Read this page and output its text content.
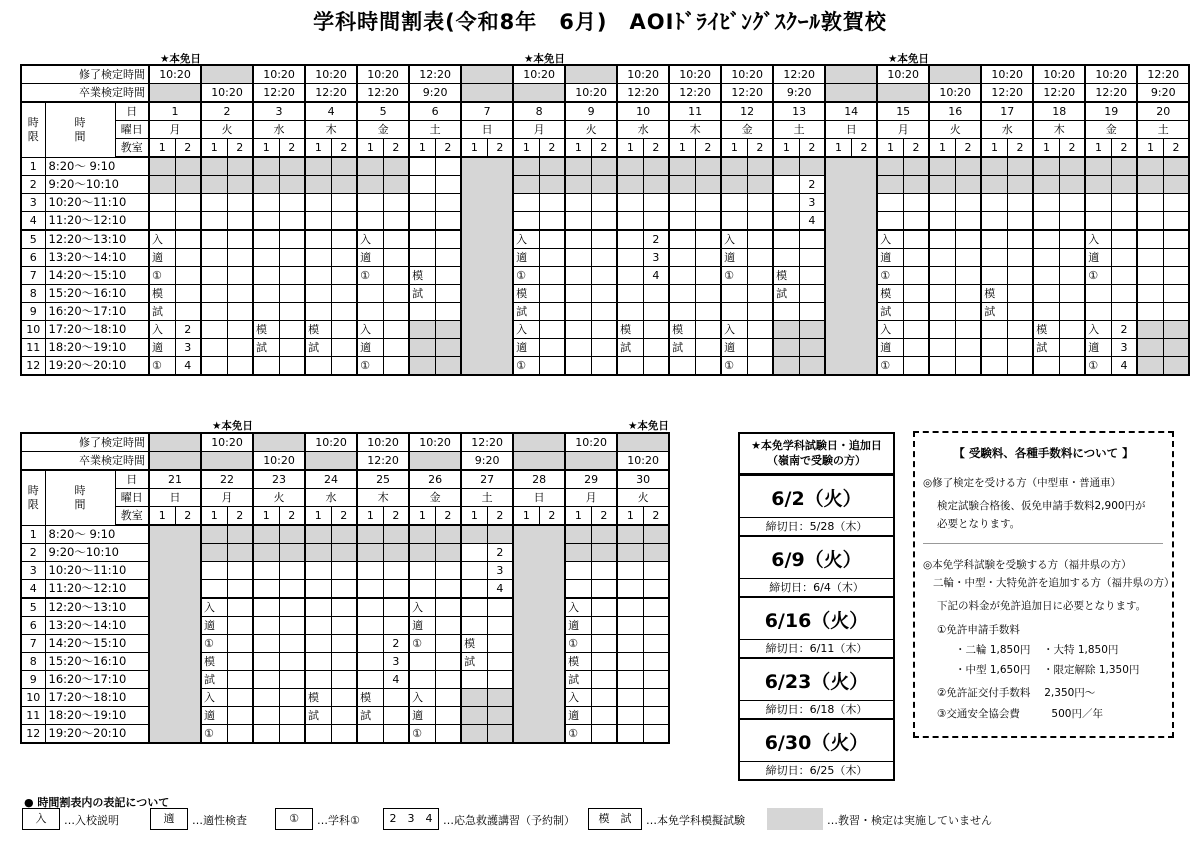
学科時間割表(令和8年　6月)　AOIﾄﾞﾗｲﾋﾞﾝｸﾞｽｸｰﾙ敦賀校
★本免日	★本免日	★本免日
修了検定時間			10:20				10:20		10:20		10:20		12:20				10:20				10:20		10:20		10:20		12:20				10:20				10:20		10:20		10:20		12:20	
卒業検定時間					10:20		12:20		12:20		12:20		9:20						10:20		12:20		12:20		12:20		9:20						10:20		12:20		12:20		12:20		9:20	
時限	時間	日	1		2		3		4		5		6		7		8		9		10		11		12		13		14		15		16		17		18		19		20	
		曜日	月		火		水		木		金		土		日		月		火		水		木		金		土		日		月		火		水		木		金		土	
		教室	1	2	1	2	1	2	1	2	1	2	1	2	1	2	1	2	1	2	1	2	1	2	1	2	1	2	1	2	1	2	1	2	1	2	1	2	1	2	1	2
1	8:20～ 9:10																																									
2	9:20～10:10																											2														
3	10:20～11:10																											3														
4	11:20～12:10																											4														
5	12:20～13:10		入								入						入					2			入						入								入			
6	13:20～14:10		適								適						適					3			適						適								適			
7	14:20～15:10		①								①		模				①					4			①		模				①								①			
8	15:20～16:10		模										試				模										試				模				模							
9	16:20～17:10		試														試														試				試							
10	17:20～18:10		入	2			模		模		入						入				模		模		入						入						模		入	2		
11	18:20～19:10		適	3			試		試		適						適				試		試		適						適						試		適	3		
12	19:20～20:10		①	4							①						①								①						①								①	4		
★本免日	★本免日
修了検定時間					10:20				10:20		10:20		10:20		12:20				10:20			
卒業検定時間							10:20				12:20				9:20						10:20	
時限	時間	日	21		22		23		24		25		26		27		28		29		30	
		曜日	日		月		火		水		木		金		土		日		月		火	
		教室	1	2	1	2	1	2	1	2	1	2	1	2	1	2	1	2	1	2	1	2
1	8:20～ 9:10																					
2	9:20～10:10															2						
3	10:20～11:10															3						
4	11:20～12:10															4						
5	12:20～13:10				入								入						入			
6	13:20～14:10				適								適						適			
7	14:20～15:10				①							2	①		模				①			
8	15:20～16:10				模							3			試				模			
9	16:20～17:10				試							4							試			
10	17:20～18:10				入				模		模		入						入			
11	18:20～19:10				適				試		試		適						適			
12	19:20～20:10				①								①						①			
★本免学科試験日・追加日
（嶺南で受験の方）
6/2（火）
締切日：5/28（木）
6/9（火）
締切日：6/4（木）
6/16（火）
締切日：6/11（木）
6/23（火）
締切日：6/18（木）
6/30（火）
締切日：6/25（木）
【 受験料、各種手数料について 】
◎修了検定を受ける方（中型車・普通車）
検定試験合格後、仮免申請手数料2,900円が
必要となります。
◎本免学科試験を受験する方（福井県の方）
二輪・中型・大特免許を追加する方（福井県の方）
下記の料金が免許追加日に必要となります。
①免許申請手数料
・二輪 1,850円 ・大特 1,850円
・中型 1,650円 ・限定解除 1,350円
②免許証交付手数料　 2,350円～
③交通安全協会費　　　500円／年
● 時間割表内の表記について
入	…入校説明	適	…適性検査	①	…学科①	2　3　4 …応急救護講習（予約制）	模　試	…本免学科模擬試験	…教習・検定は実施していません
